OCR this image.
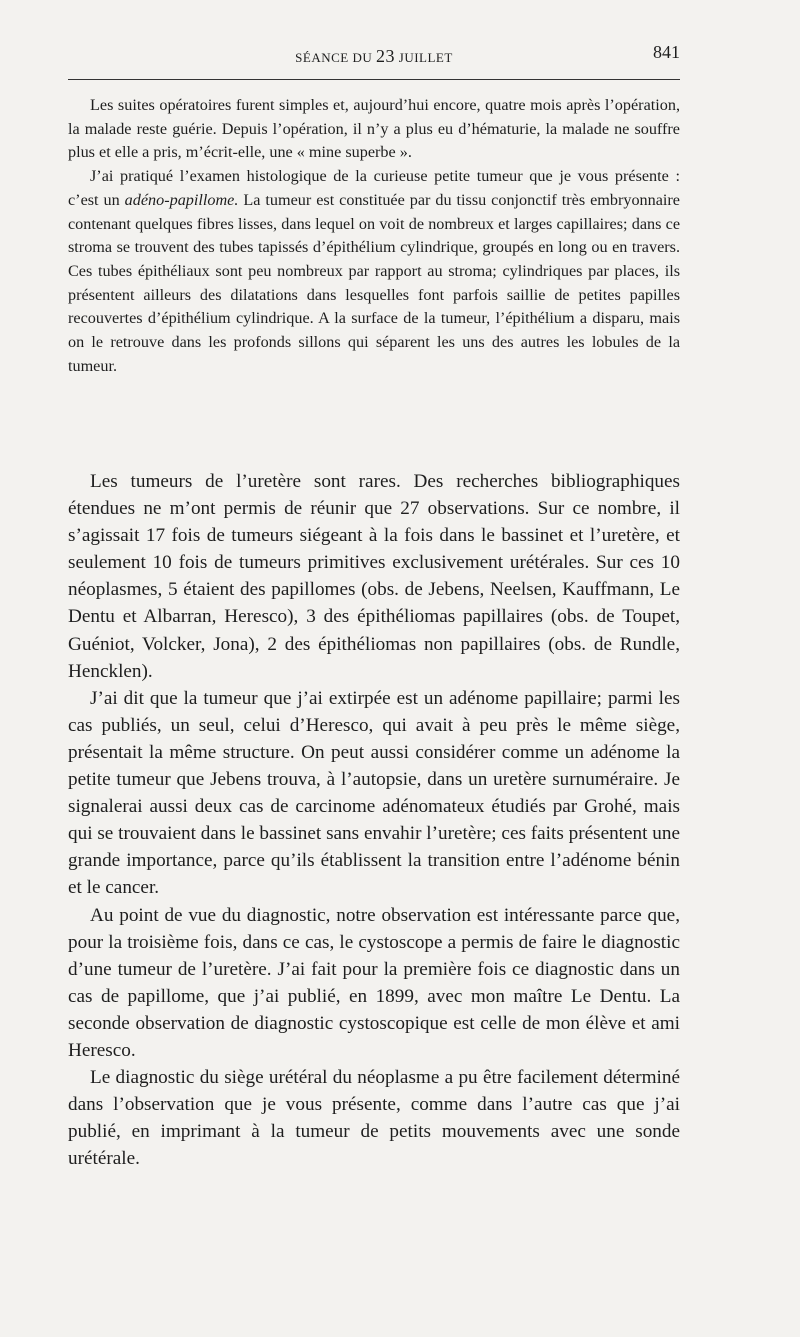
SÉANCE DU 23 JUILLET	841

Les suites opératoires furent simples et, aujourd’hui encore, quatre mois après l’opération, la malade reste guérie. Depuis l’opération, il n’y a plus eu d’hématurie, la malade ne souffre plus et elle a pris, m’écrit-elle, une « mine superbe ».

J’ai pratiqué l’examen histologique de la curieuse petite tumeur que je vous présente : c’est un adéno-papillome. La tumeur est constituée par du tissu conjonctif très embryonnaire contenant quelques fibres lisses, dans lequel on voit de nombreux et larges capillaires; dans ce stroma se trouvent des tubes tapissés d’épithélium cylindrique, groupés en long ou en travers. Ces tubes épithéliaux sont peu nombreux par rapport au stroma; cylindriques par places, ils présentent ailleurs des dilatations dans lesquelles font parfois saillie de petites papilles recouvertes d’épithélium cylindrique. A la surface de la tumeur, l’épithélium a disparu, mais on le retrouve dans les profonds sillons qui séparent les uns des autres les lobules de la tumeur.

Les tumeurs de l’uretère sont rares. Des recherches bibliographiques étendues ne m’ont permis de réunir que 27 observations. Sur ce nombre, il s’agissait 17 fois de tumeurs siégeant à la fois dans le bassinet et l’uretère, et seulement 10 fois de tumeurs primitives exclusivement urétérales. Sur ces 10 néoplasmes, 5 étaient des papillomes (obs. de Jebens, Neelsen, Kauffmann, Le Dentu et Albarran, Heresco), 3 des épithéliomas papillaires (obs. de Toupet, Guéniot, Volcker, Jona), 2 des épithéliomas non papillaires (obs. de Rundle, Hencklen).

J’ai dit que la tumeur que j’ai extirpée est un adénome papillaire; parmi les cas publiés, un seul, celui d’Heresco, qui avait à peu près le même siège, présentait la même structure. On peut aussi considérer comme un adénome la petite tumeur que Jebens trouva, à l’autopsie, dans un uretère surnuméraire. Je signalerai aussi deux cas de carcinome adénomateux étudiés par Grohé, mais qui se trouvaient dans le bassinet sans envahir l’uretère; ces faits présentent une grande importance, parce qu’ils établissent la transition entre l’adénome bénin et le cancer.

Au point de vue du diagnostic, notre observation est intéressante parce que, pour la troisième fois, dans ce cas, le cystoscope a permis de faire le diagnostic d’une tumeur de l’uretère. J’ai fait pour la première fois ce diagnostic dans un cas de papillome, que j’ai publié, en 1899, avec mon maître Le Dentu. La seconde observation de diagnostic cystoscopique est celle de mon élève et ami Heresco.

Le diagnostic du siège urétéral du néoplasme a pu être facilement déterminé dans l’observation que je vous présente, comme dans l’autre cas que j’ai publié, en imprimant à la tumeur de petits mouvements avec une sonde urétérale.
